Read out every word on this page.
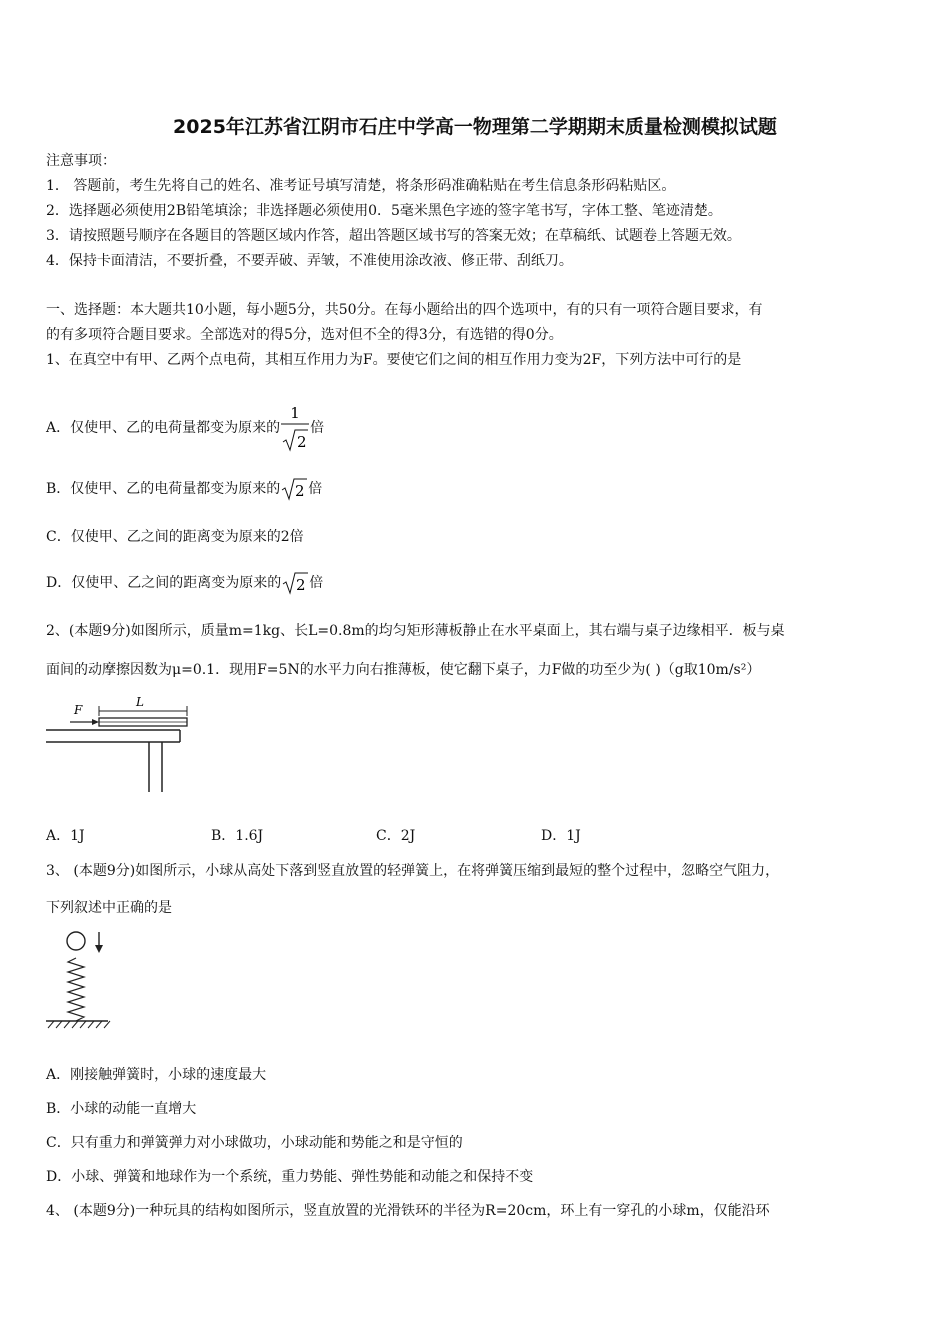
2025年江苏省江阴市石庄中学高一物理第二学期期末质量检测模拟试题
注意事项：
1． 答题前，考生先将自己的姓名、准考证号填写清楚，将条形码准确粘贴在考生信息条形码粘贴区。
2．选择题必须使用2B铅笔填涂；非选择题必须使用0．5毫米黑色字迹的签字笔书写，字体工整、笔迹清楚。
3．请按照题号顺序在各题目的答题区域内作答，超出答题区域书写的答案无效；在草稿纸、试题卷上答题无效。
4．保持卡面清洁，不要折叠，不要弄破、弄皱，不准使用涂改液、修正带、刮纸刀。
一、选择题：本大题共10小题，每小题5分，共50分。在每小题给出的四个选项中，有的只有一项符合题目要求，有
的有多项符合题目要求。全部选对的得5分，选对但不全的得3分，有选错的得0分。
1、在真空中有甲、乙两个点电荷，其相互作用力为F。要使它们之间的相互作用力变为2F，下列方法中可行的是
A．仅使甲、乙的电荷量都变为原来的
1
2
倍
B．仅使甲、乙的电荷量都变为原来的 2 倍
C．仅使甲、乙之间的距离变为原来的2倍
D．仅使甲、乙之间的距离变为原来的 2 倍
2、(本题9分)如图所示，质量m=1kg、长L=0.8m的均匀矩形薄板静止在水平桌面上，其右端与桌子边缘相平．板与桌
面间的动摩擦因数为μ=0.1．现用F=5N的水平力向右推薄板，使它翻下桌子，力F做的功至少为( )（g取10m/s²）
F
L
A．1J	B．1.6J	C．2J	D．1J
3、 (本题9分)如图所示，小球从高处下落到竖直放置的轻弹簧上，在将弹簧压缩到最短的整个过程中，忽略空气阻力，
下列叙述中正确的是
A．刚接触弹簧时，小球的速度最大
B．小球的动能一直增大
C．只有重力和弹簧弹力对小球做功，小球动能和势能之和是守恒的
D．小球、弹簧和地球作为一个系统，重力势能、弹性势能和动能之和保持不变
4、 (本题9分)一种玩具的结构如图所示，竖直放置的光滑铁环的半径为R=20cm，环上有一穿孔的小球m，仅能沿环
